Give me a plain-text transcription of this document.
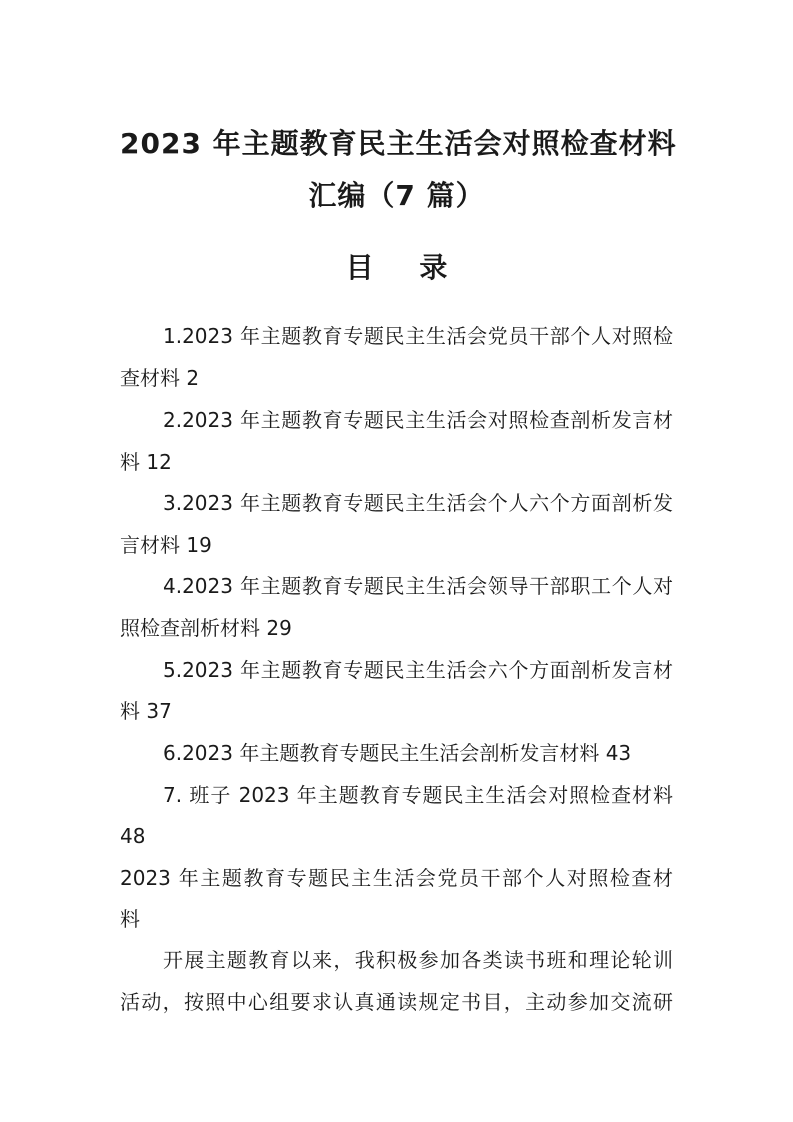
2023 年主题教育民主生活会对照检查材料
汇编（7 篇）
目 录
1.2023 年主题教育专题民主生活会党员干部个人对照检
查材料 2
2.2023 年主题教育专题民主生活会对照检查剖析发言材
料 12
3.2023 年主题教育专题民主生活会个人六个方面剖析发
言材料 19
4.2023 年主题教育专题民主生活会领导干部职工个人对
照检查剖析材料 29
5.2023 年主题教育专题民主生活会六个方面剖析发言材
料 37
6.2023 年主题教育专题民主生活会剖析发言材料 43
7. 班子 2023 年主题教育专题民主生活会对照检查材料
48
2023 年主题教育专题民主生活会党员干部个人对照检查材
料
开展主题教育以来，我积极参加各类读书班和理论轮训
活动，按照中心组要求认真通读规定书目，主动参加交流研
